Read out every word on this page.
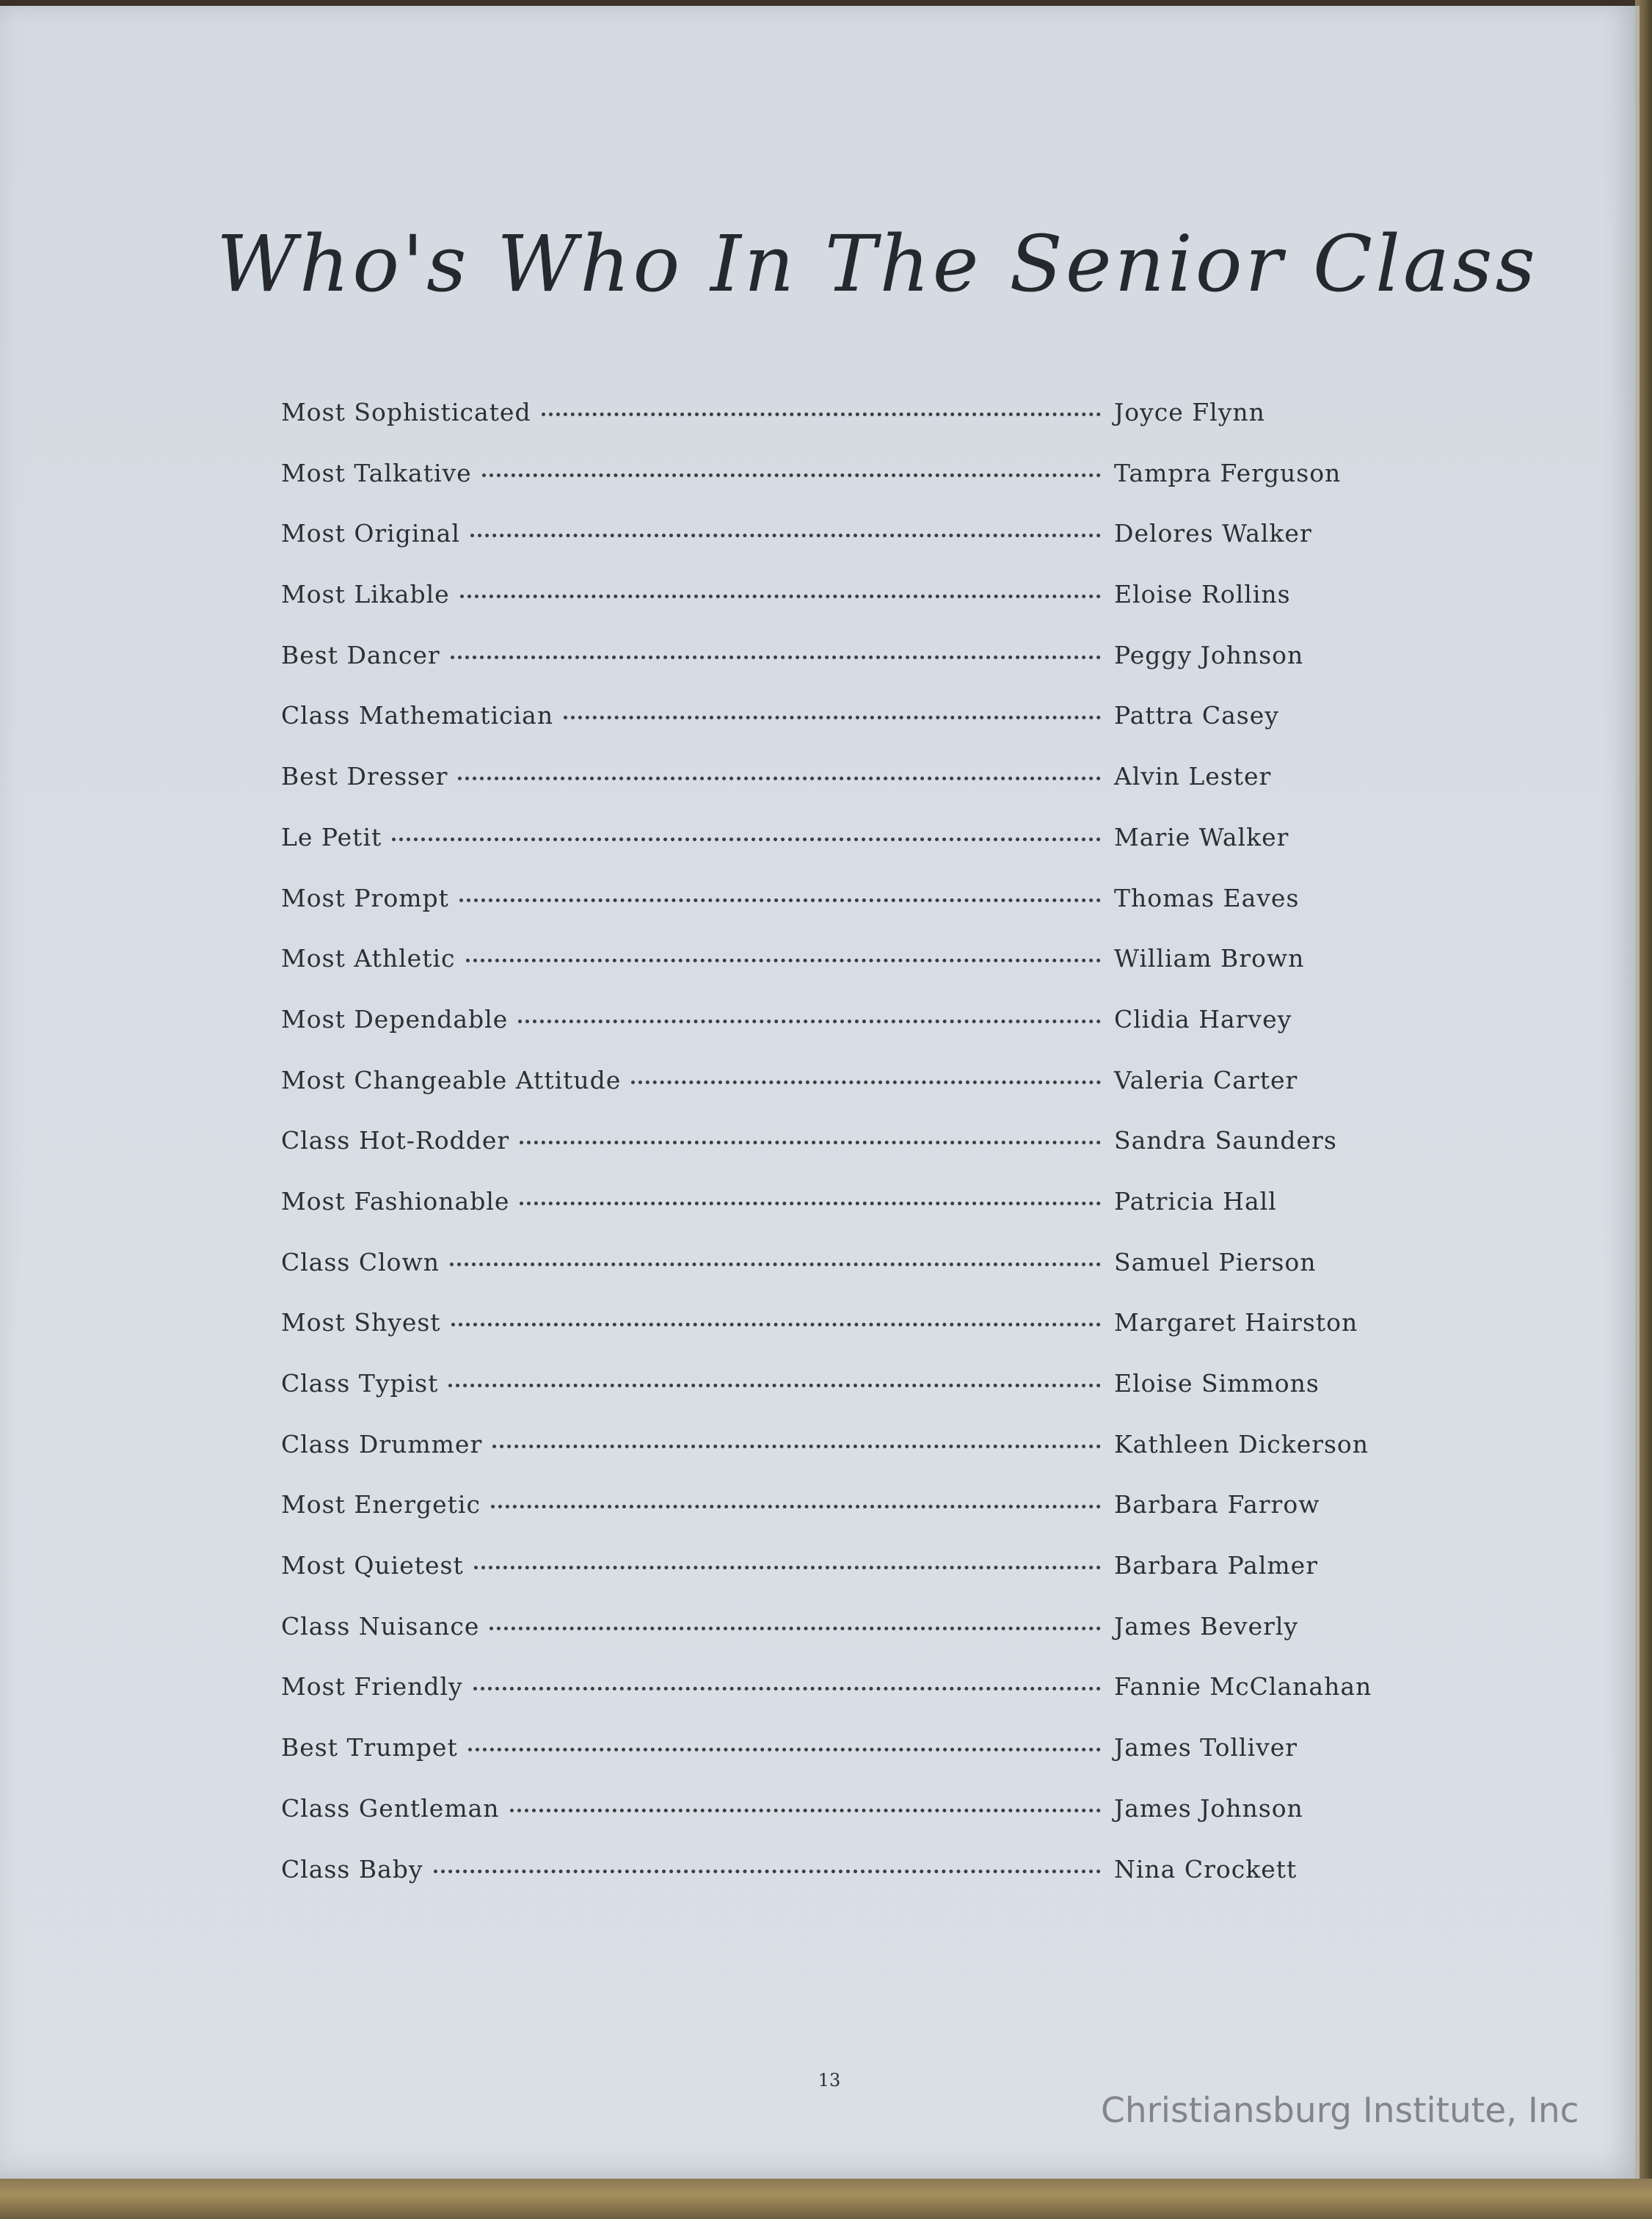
Who's Who In The Senior Class
Most Sophisticated	Joyce Flynn
Most Talkative	Tampra Ferguson
Most Original	Delores Walker
Most Likable	Eloise Rollins
Best Dancer	Peggy Johnson
Class Mathematician	Pattra Casey
Best Dresser	Alvin Lester
Le Petit	Marie Walker
Most Prompt	Thomas Eaves
Most Athletic	William Brown
Most Dependable	Clidia Harvey
Most Changeable Attitude	Valeria Carter
Class Hot-Rodder	Sandra Saunders
Most Fashionable	Patricia Hall
Class Clown	Samuel Pierson
Most Shyest	Margaret Hairston
Class Typist	Eloise Simmons
Class Drummer	Kathleen Dickerson
Most Energetic	Barbara Farrow
Most Quietest	Barbara Palmer
Class Nuisance	James Beverly
Most Friendly	Fannie McClanahan
Best Trumpet	James Tolliver
Class Gentleman	James Johnson
Class Baby	Nina Crockett
13
Christiansburg Institute, Inc
